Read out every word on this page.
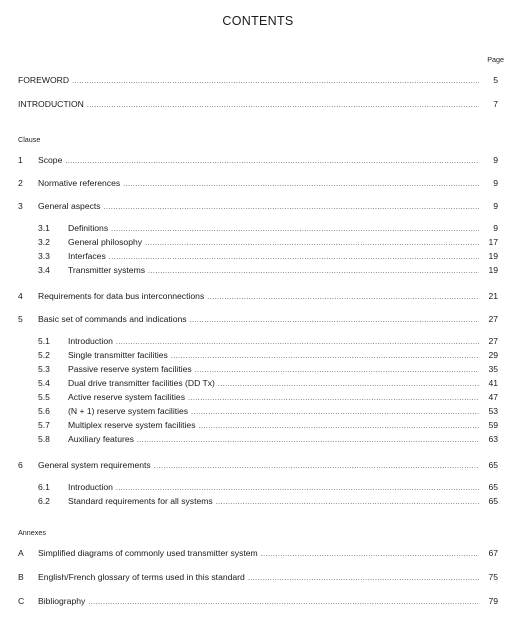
CONTENTS
Page
FOREWORD .....	5
INTRODUCTION .....	7
Clause
1	Scope .....	9
2	Normative references .....	9
3	General aspects .....	9
3.1	Definitions .....	9
3.2	General philosophy .....	17
3.3	Interfaces .....	19
3.4	Transmitter systems .....	19
4	Requirements for data bus interconnections .....	21
5	Basic set of commands and indications .....	27
5.1	Introduction .....	27
5.2	Single transmitter facilities .....	29
5.3	Passive reserve system facilities .....	35
5.4	Dual drive transmitter facilities (DD Tx) .....	41
5.5	Active reserve system facilities .....	47
5.6	(N + 1) reserve system facilities .....	53
5.7	Multiplex reserve system facilities .....	59
5.8	Auxiliary features .....	63
6	General system requirements .....	65
6.1	Introduction .....	65
6.2	Standard requirements for all systems .....	65
Annexes
A	Simplified diagrams of commonly used transmitter system .....	67
B	English/French glossary of terms used in this standard .....	75
C	Bibliography .....	79
